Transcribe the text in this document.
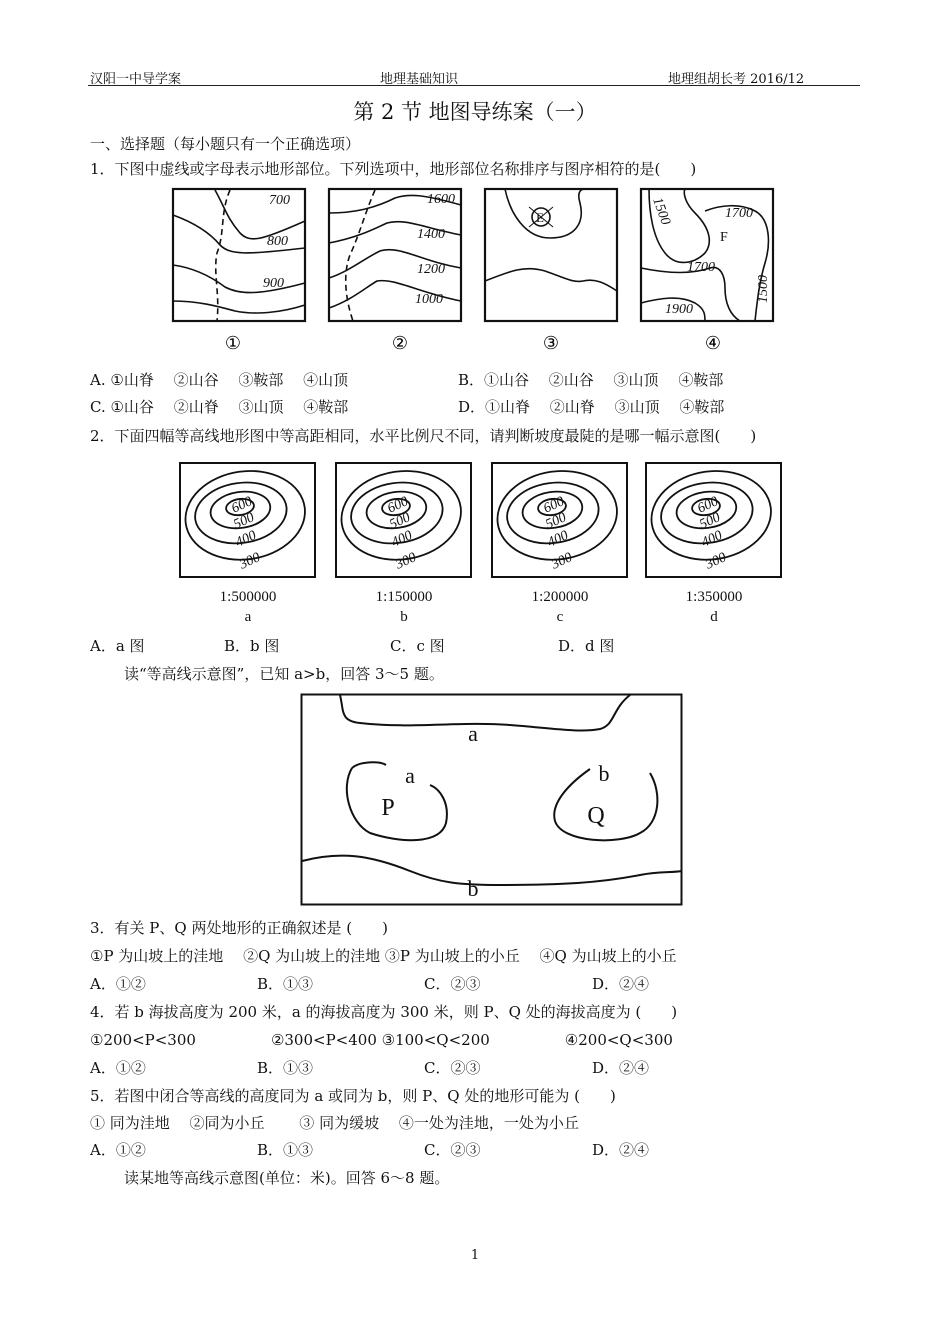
汉阳一中导学案	地理基础知识	地理组胡长考 2016/12
第 2 节 地图导练案（一）
一、选择题（每小题只有一个正确选项）
1．下图中虚线或字母表示地形部位。下列选项中，地形部位名称排序与图序相符的是(　　)
700
800
900
①
1600
1400
1200
1000
②
E
③
1500	1700
F
1700
1900
1500
④
A. ①山脊　 ②山谷　 ③鞍部　 ④山顶	B．①山谷　 ②山谷　 ③山顶　 ④鞍部
C. ①山谷　 ②山脊　 ③山顶　 ④鞍部	D．①山脊　 ②山脊　 ③山顶　 ④鞍部
2．下面四幅等高线地形图中等高距相同，水平比例尺不同，请判断坡度最陡的是哪一幅示意图(　　)
600
500
400
300
1:500000
a
600
500
400
300
1:150000
b
600
500
400
300
1:200000
c
600
500
400
300
1:350000
d
A．a 图	B．b 图	C．c 图	D．d 图
读“等高线示意图”，已知 a>b，回答 3～5 题。
a
a	b
P	Q
b
3．有关 P、Q 两处地形的正确叙述是 (　　)
①P 为山坡上的洼地　 ②Q 为山坡上的洼地 ③P 为山坡上的小丘　 ④Q 为山坡上的小丘
A．①②	B．①③	C．②③	D．②④
4．若 b 海拔高度为 200 米，a 的海拔高度为 300 米，则 P、Q 处的海拔高度为 (　　)
①200<P<300　　　　　②300<P<400 ③100<Q<200　　　　　④200<Q<300
A．①②	B．①③	C．②③	D．②④
5．若图中闭合等高线的高度同为 a 或同为 b，则 P、Q 处的地形可能为 (　　)
① 同为洼地　 ②同为小丘　　 ③ 同为缓坡　 ④一处为洼地，一处为小丘
A．①②	B．①③	C．②③	D．②④
读某地等高线示意图(单位：米)。回答 6～8 题。
1
